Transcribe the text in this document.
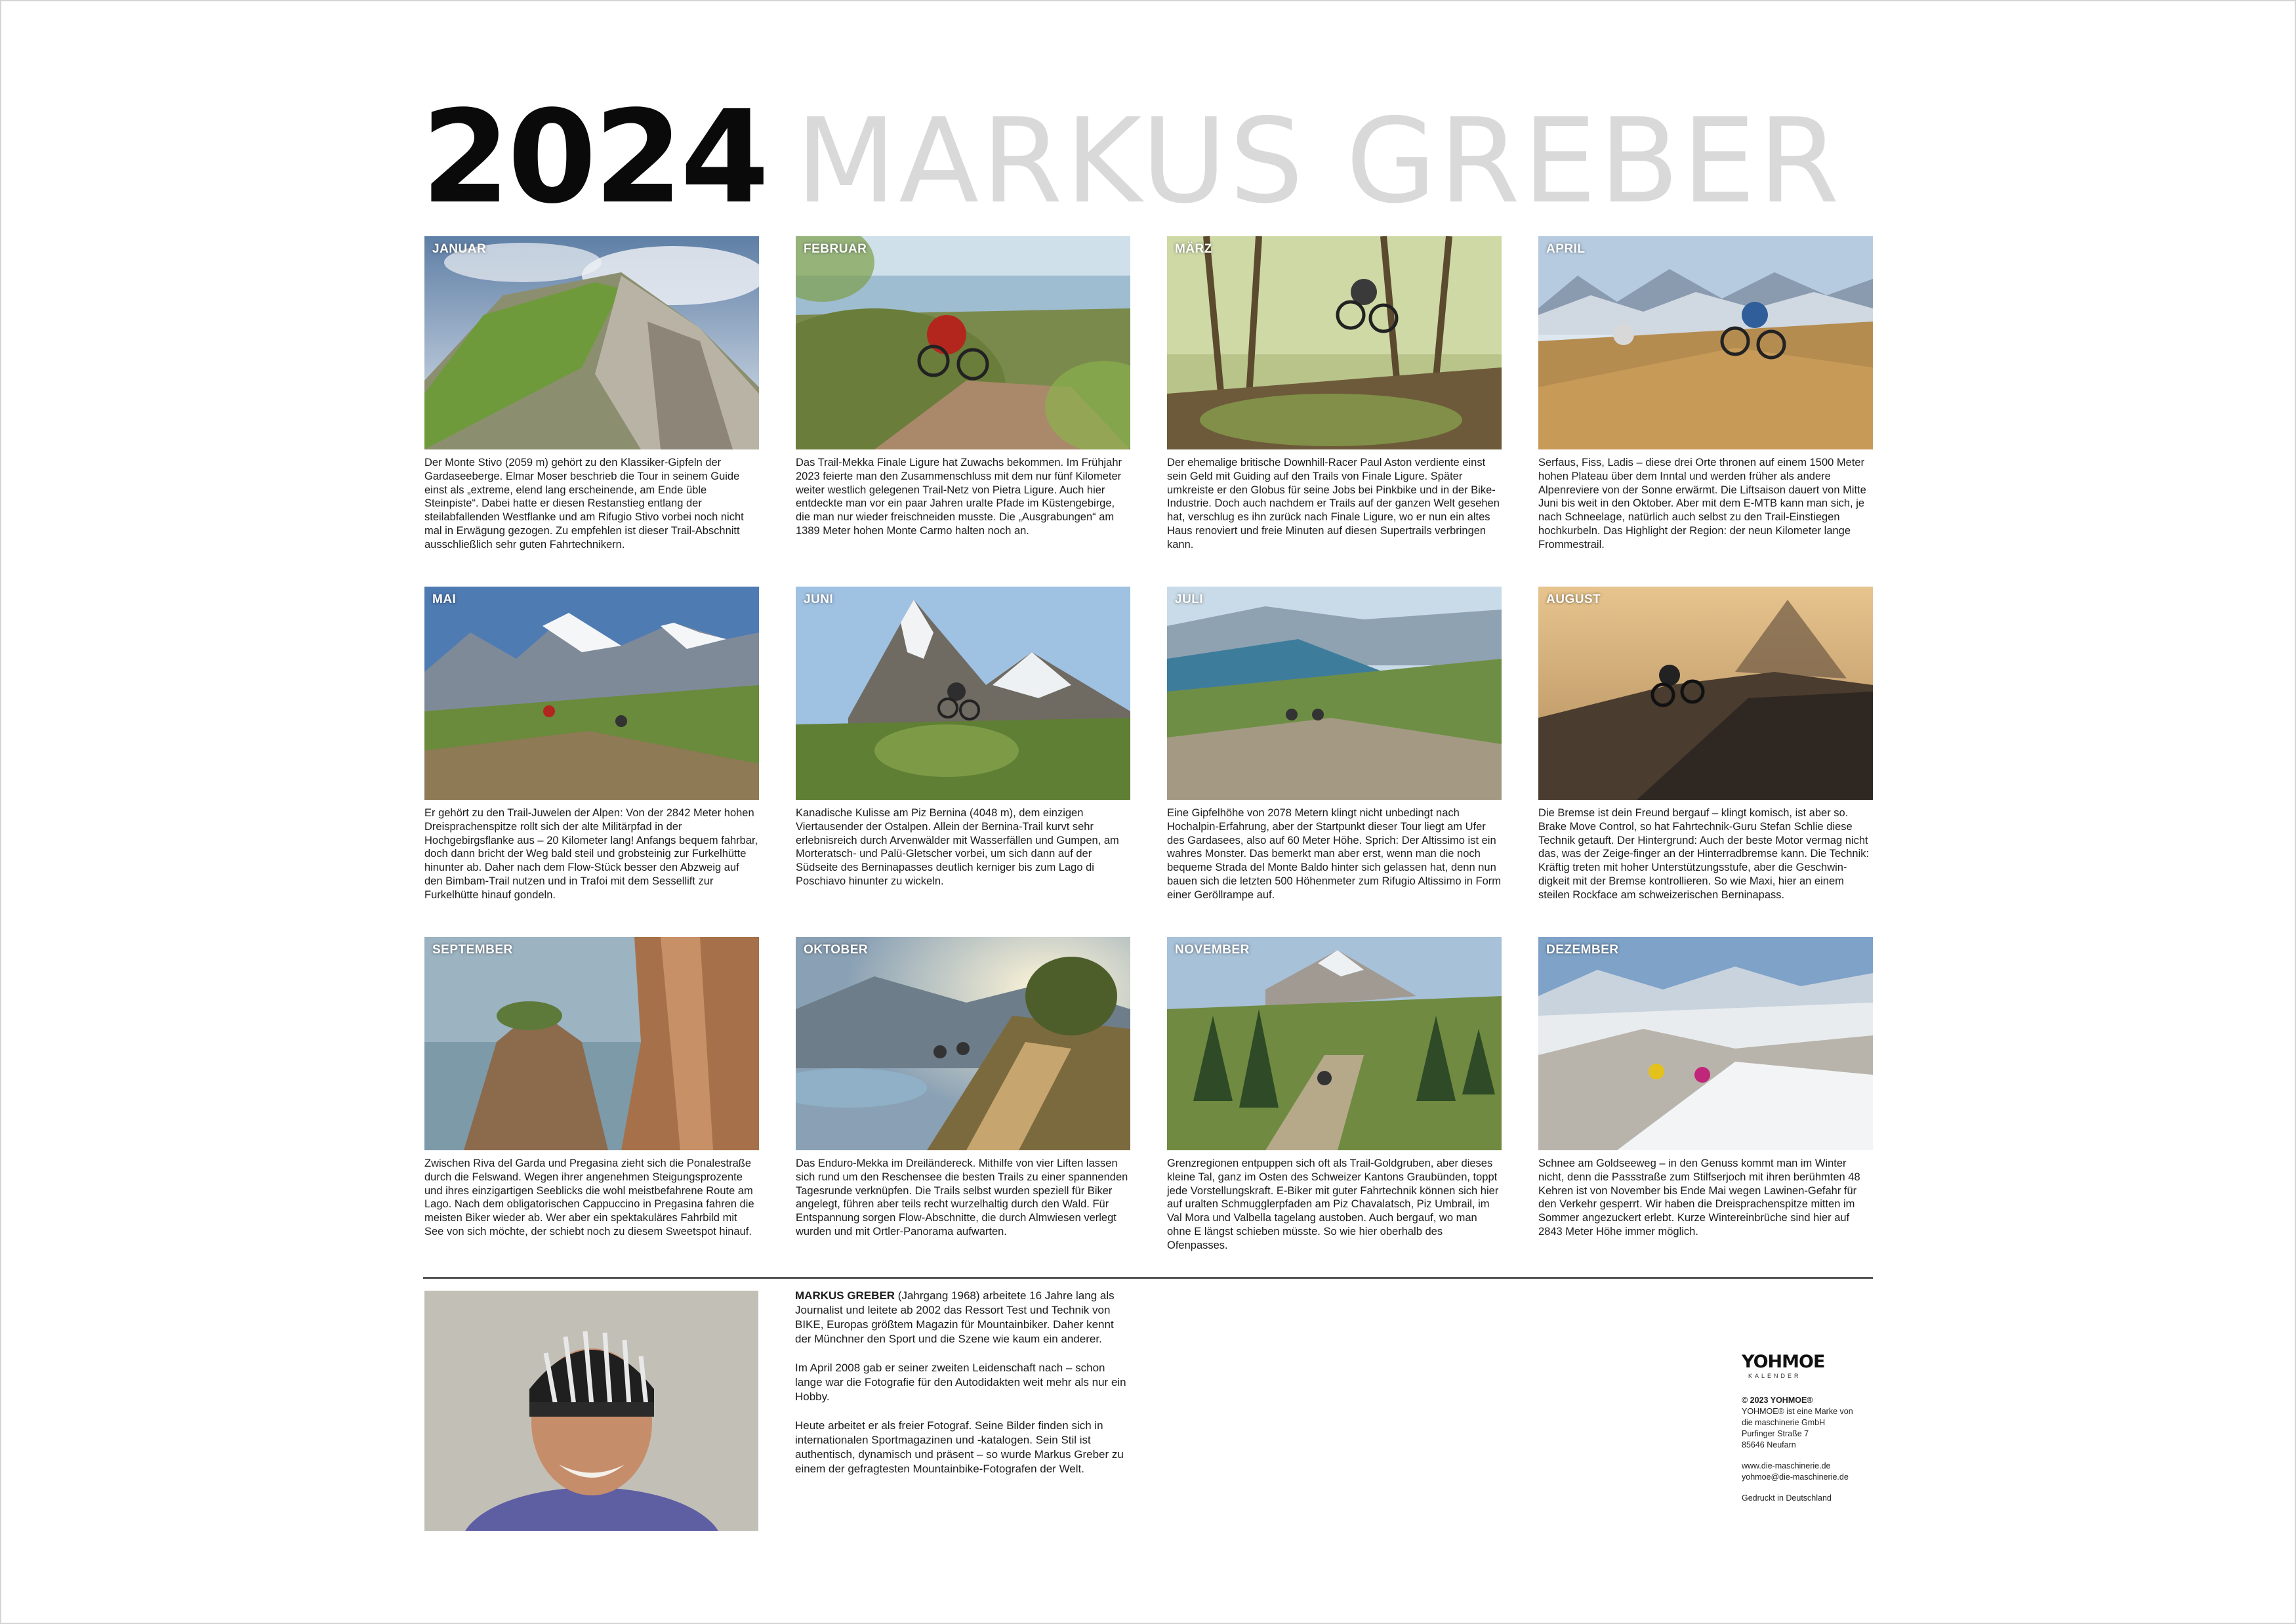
2024 MARKUS GREBER
JANUAR
Der Monte Stivo (2059 m) gehört zu den Klassiker-Gipfeln der Gardaseeberge. Elmar Moser beschrieb die Tour in seinem Guide einst als „extreme, elend lang erscheinende, am Ende üble Steinpiste“. Dabei hatte er diesen Restanstieg entlang der steilabfallenden Westflanke und am Rifugio Stivo vorbei noch nicht mal in Erwägung gezogen. Zu empfehlen ist dieser Trail-Abschnitt ausschließlich sehr guten Fahrtechnikern.
FEBRUAR
Das Trail-Mekka Finale Ligure hat Zuwachs bekommen. Im Frühjahr 2023 feierte man den Zusammenschluss mit dem nur fünf Kilometer weiter westlich gelegenen Trail-Netz von Pietra Ligure. Auch hier entdeckte man vor ein paar Jahren uralte Pfade im Küstengebirge, die man nur wieder freischneiden musste. Die „Ausgrabungen“ am 1389 Meter hohen Monte Carmo halten noch an.
MÄRZ
Der ehemalige britische Downhill-Racer Paul Aston verdiente einst sein Geld mit Guiding auf den Trails von Finale Ligure. Später umkreiste er den Globus für seine Jobs bei Pinkbike und in der Bike-Industrie. Doch auch nachdem er Trails auf der ganzen Welt gesehen hat, verschlug es ihn zurück nach Finale Ligure, wo er nun ein altes Haus renoviert und freie Minuten auf diesen Supertrails verbringen kann.
APRIL
Serfaus, Fiss, Ladis – diese drei Orte thronen auf einem 1500 Meter hohen Plateau über dem Inntal und werden früher als andere Alpenreviere von der Sonne erwärmt. Die Liftsaison dauert von Mitte Juni bis weit in den Oktober. Aber mit dem E-MTB kann man sich, je nach Schneelage, natürlich auch selbst zu den Trail-Einstiegen hochkurbeln. Das Highlight der Region: der neun Kilometer lange Frommestrail.
MAI
Er gehört zu den Trail-Juwelen der Alpen: Von der 2842 Meter hohen Dreisprachenspitze rollt sich der alte Militärpfad in der Hochgebirgsflanke aus – 20 Kilometer lang! Anfangs bequem fahrbar, doch dann bricht der Weg bald steil und grobsteinig zur Furkelhütte hinunter ab. Daher nach dem Flow-Stück besser den Abzweig auf den Bimbam-Trail nutzen und in Trafoi mit dem Sessellift zur Furkelhütte hinauf gondeln.
JUNI
Kanadische Kulisse am Piz Bernina (4048 m), dem einzigen Viertausender der Ostalpen. Allein der Bernina-Trail kurvt sehr erlebnisreich durch Arvenwälder mit Wasserfällen und Gumpen, am Morteratsch- und Palü-Gletscher vorbei, um sich dann auf der Südseite des Berninapasses deutlich kerniger bis zum Lago di Poschiavo hinunter zu wickeln.
JULI
Eine Gipfelhöhe von 2078 Metern klingt nicht unbedingt nach Hochalpin-Erfahrung, aber der Startpunkt dieser Tour liegt am Ufer des Gardasees, also auf 60 Meter Höhe. Sprich: Der Altissimo ist ein wahres Monster. Das bemerkt man aber erst, wenn man die noch bequeme Strada del Monte Baldo hinter sich gelassen hat, denn nun bauen sich die letzten 500 Höhenmeter zum Rifugio Altissimo in Form einer Geröllrampe auf.
AUGUST
Die Bremse ist dein Freund bergauf – klingt komisch, ist aber so. Brake Move Control, so hat Fahrtechnik-Guru Stefan Schlie diese Technik getauft. Der Hintergrund: Auch der beste Motor vermag nicht das, was der Zeige-finger an der Hinterradbremse kann. Die Technik: Kräftig treten mit hoher Unterstützungsstufe, aber die Geschwin-digkeit mit der Bremse kontrollieren. So wie Maxi, hier an einem steilen Rockface am schweizerischen Berninapass.
SEPTEMBER
Zwischen Riva del Garda und Pregasina zieht sich die Ponalestraße durch die Felswand. Wegen ihrer angenehmen Steigungsprozente und ihres einzigartigen Seeblicks die wohl meistbefahrene Route am Lago. Nach dem obligatorischen Cappuccino in Pregasina fahren die meisten Biker wieder ab. Wer aber ein spektakuläres Fahrbild mit See von sich möchte, der schiebt noch zu diesem Sweetspot hinauf.
OKTOBER
Das Enduro-Mekka im Dreiländereck. Mithilfe von vier Liften lassen sich rund um den Reschensee die besten Trails zu einer spannenden Tagesrunde verknüpfen. Die Trails selbst wurden speziell für Biker angelegt, führen aber teils recht wurzelhaltig durch den Wald. Für Entspannung sorgen Flow-Abschnitte, die durch Almwiesen verlegt wurden und mit Ortler-Panorama aufwarten.
NOVEMBER
Grenzregionen entpuppen sich oft als Trail-Goldgruben, aber dieses kleine Tal, ganz im Osten des Schweizer Kantons Graubünden, toppt jede Vorstellungskraft. E-Biker mit guter Fahrtechnik können sich hier auf uralten Schmugglerpfaden am Piz Chavalatsch, Piz Umbrail, im Val Mora und Valbella tagelang austoben. Auch bergauf, wo man ohne E längst schieben müsste. So wie hier oberhalb des Ofenpasses.
DEZEMBER
Schnee am Goldseeweg – in den Genuss kommt man im Winter nicht, denn die Passstraße zum Stilfserjoch mit ihren berühmten 48 Kehren ist von November bis Ende Mai wegen Lawinen-Gefahr für den Verkehr gesperrt. Wir haben die Dreisprachenspitze mitten im Sommer angezuckert erlebt. Kurze Wintereinbrüche sind hier auf 2843 Meter Höhe immer möglich.

MARKUS GREBER (Jahrgang 1968) arbeitete 16 Jahre lang als Journalist und leitete ab 2002 das Ressort Test und Technik von BIKE, Europas größtem Magazin für Mountainbiker. Daher kennt der Münchner den Sport und die Szene wie kaum ein anderer.

Im April 2008 gab er seiner zweiten Leidenschaft nach – schon lange war die Fotografie für den Autodidakten weit mehr als nur ein Hobby.

Heute arbeitet er als freier Fotograf. Seine Bilder finden sich in internationalen Sportmagazinen und -katalogen. Sein Stil ist authentisch, dynamisch und präsent – so wurde Markus Greber zu einem der gefragtesten Mountainbike-Fotografen der Welt.

YOHMOE
KALENDER
© 2023 YOHMOE®
YOHMOE® ist eine Marke von
die maschinerie GmbH
Purfinger Straße 7
85646 Neufarn
www.die-maschinerie.de
yohmoe@die-maschinerie.de
Gedruckt in Deutschland
